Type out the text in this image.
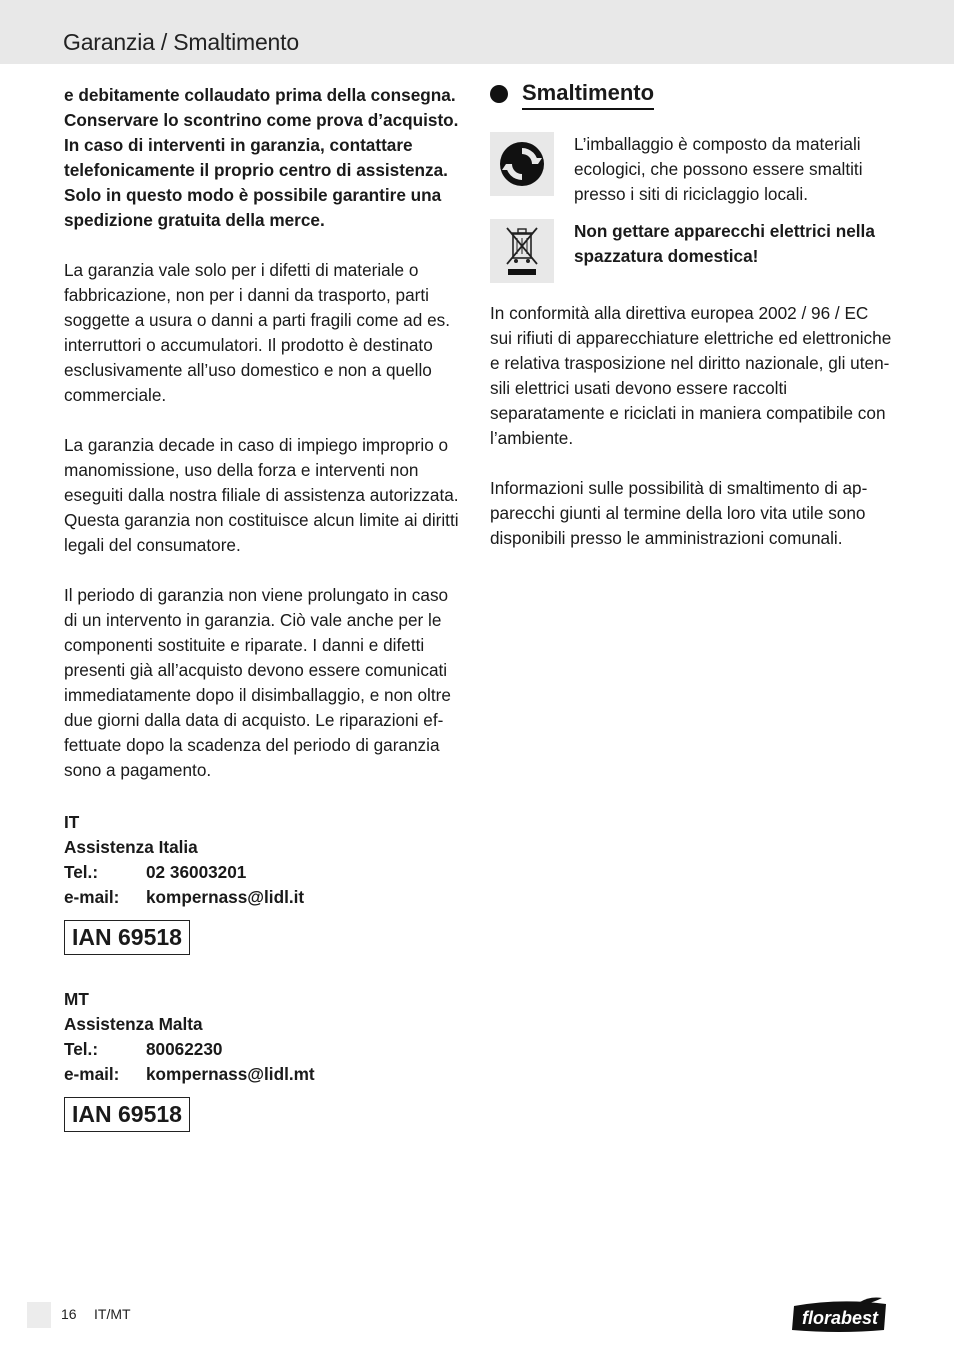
Garanzia / Smaltimento

e debitamente collaudato prima della consegna. Conservare lo scontrino come prova d’acquisto. In caso di interventi in garanzia, contattare telefonicamente il proprio centro di assistenza. Solo in questo modo è possibile garantire una spedizione gratuita della merce.

La garanzia vale solo per i difetti di materiale o fabbricazione, non per i danni da trasporto, parti soggette a usura o danni a parti fragili come ad es. interruttori o accumulatori. Il prodotto è destinato esclusivamente all’uso domestico e non a quello commerciale.

La garanzia decade in caso di impiego improprio o manomissione, uso della forza e interventi non eseguiti dalla nostra filiale di assistenza autorizzata. Questa garanzia non costituisce alcun limite ai diritti legali del consumatore.

Il periodo di garanzia non viene prolungato in caso di un intervento in garanzia. Ciò vale anche per le componenti sostituite e riparate. I danni e difetti presenti già all’acquisto devono essere comunicati immediatamente dopo il disimballaggio, e non oltre due giorni dalla data di acquisto. Le riparazioni effettuate dopo la scadenza del periodo di garanzia sono a pagamento.

IT
Assistenza Italia
Tel.:	02 36003201
e-mail:	kompernass@lidl.it
IAN 69518
MT
Assistenza Malta
Tel.:	80062230
e-mail:	kompernass@lidl.mt
IAN 69518
Smaltimento

L’imballaggio è composto da materiali ecologici, che possono essere smaltiti presso i siti di riciclaggio locali.

Non gettare apparecchi elettrici nella spazzatura domestica!

In conformità alla direttiva europea 2002 / 96 / EC sui rifiuti di apparecchiature elettriche ed elettroniche e relativa trasposizione nel diritto nazionale, gli utensili elettrici usati devono essere raccolti separatamente e riciclati in maniera compatibile con l’ambiente.

Informazioni sulle possibilità di smaltimento di apparecchi giunti al termine della loro vita utile sono disponibili presso le amministrazioni comunali.

16 IT/MT	florabest
